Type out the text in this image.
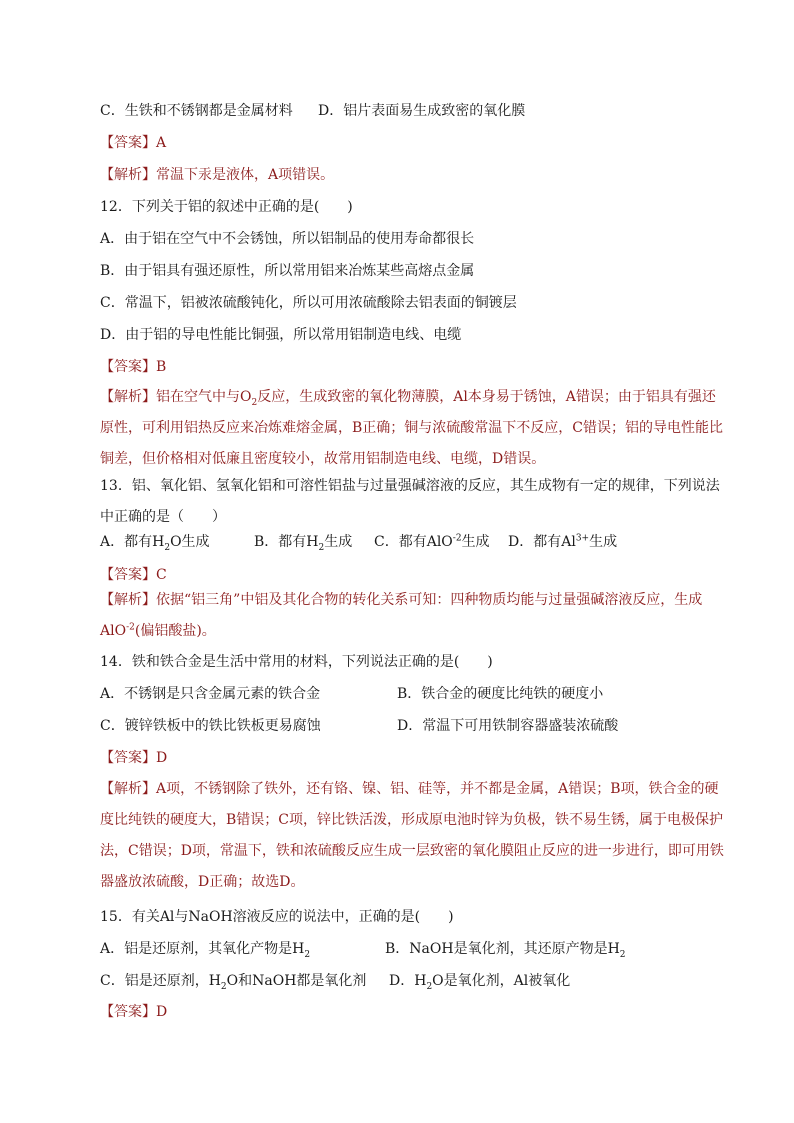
C．生铁和不锈钢都是金属材料 D．铝片表面易生成致密的氧化膜
【答案】A
【解析】常温下汞是液体，A项错误。
12．下列关于铝的叙述中正确的是(　　)
A．由于铝在空气中不会锈蚀，所以铝制品的使用寿命都很长
B．由于铝具有强还原性，所以常用铝来冶炼某些高熔点金属
C．常温下，铝被浓硫酸钝化，所以可用浓硫酸除去铝表面的铜镀层
D．由于铝的导电性能比铜强，所以常用铝制造电线、电缆
【答案】B
【解析】铝在空气中与$O_2$反应，生成致密的氧化物薄膜，Al本身易于锈蚀，A错误；由于铝具有强还原性，可利用铝热反应来冶炼难熔金属，B正确；铜与浓硫酸常温下不反应，C错误；铝的导电性能比铜差，但价格相对低廉且密度较小，故常用铝制造电线、电缆，D错误。
13．铝、氧化铝、氢氧化铝和可溶性铝盐与过量强碱溶液的反应，其生成物有一定的规律，下列说法中正确的是（　　）
A．都有$H_2O$生成	B．都有$H_2$生成 C．都有AlO$^{-2}$生成 D．都有$Al^{3+}$生成
【答案】C
【解析】依据“铝三角”中铝及其化合物的转化关系可知：四种物质均能与过量强碱溶液反应，生成AlO$^{-2}$(偏铝酸盐)。
14．铁和铁合金是生活中常用的材料，下列说法正确的是(　　)
A．不锈钢是只含金属元素的铁合金	B．铁合金的硬度比纯铁的硬度小
C．镀锌铁板中的铁比铁板更易腐蚀	D．常温下可用铁制容器盛装浓硫酸
【答案】D
【解析】A项，不锈钢除了铁外，还有铬、镍、铝、硅等，并不都是金属，A错误；B项，铁合金的硬度比纯铁的硬度大，B错误；C项，锌比铁活泼，形成原电池时锌为负极，铁不易生锈，属于电极保护法，C错误；D项，常温下，铁和浓硫酸反应生成一层致密的氧化膜阻止反应的进一步进行，即可用铁器盛放浓硫酸，D正确；故选D。
15．有关Al与NaOH溶液反应的说法中，正确的是(　　)
A．铝是还原剂，其氧化产物是$H_2$	B．NaOH是氧化剂，其还原产物是$H_2$
C．铝是还原剂，$H_2O$和NaOH都是氧化剂 D．$H_2O$是氧化剂，Al被氧化
【答案】D
